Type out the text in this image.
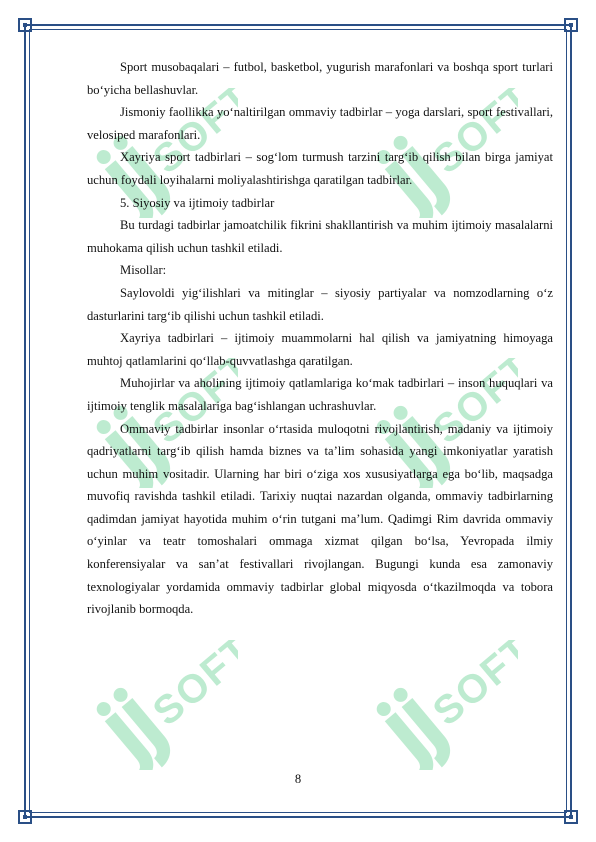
SOFT	SOFT
SOFT	SOFT
SOFT	SOFT

Sport musobaqalari – futbol, basketbol, yugurish marafonlari va boshqa sport turlari bo‘yicha bellashuvlar.

Jismoniy faollikka yo‘naltirilgan ommaviy tadbirlar – yoga darslari, sport festivallari, velosiped marafonlari.

Xayriya sport tadbirlari – sog‘lom turmush tarzini targ‘ib qilish bilan birga jamiyat uchun foydali loyihalarni moliyalashtirishga qaratilgan tadbirlar.

5. Siyosiy va ijtimoiy tadbirlar

Bu turdagi tadbirlar jamoatchilik fikrini shakllantirish va muhim ijtimoiy masalalarni muhokama qilish uchun tashkil etiladi.

Misollar:

Saylovoldi yig‘ilishlari va mitinglar – siyosiy partiyalar va nomzodlarning o‘z dasturlarini targ‘ib qilishi uchun tashkil etiladi.

Xayriya tadbirlari – ijtimoiy muammolarni hal qilish va jamiyatning himoyaga muhtoj qatlamlarini qo‘llab-quvvatlashga qaratilgan.

Muhojirlar va aholining ijtimoiy qatlamlariga ko‘mak tadbirlari – inson huquqlari va ijtimoiy tenglik masalalariga bag‘ishlangan uchrashuvlar.

Ommaviy tadbirlar insonlar o‘rtasida muloqotni rivojlantirish, madaniy va ijtimoiy qadriyatlarni targ‘ib qilish hamda biznes va ta’lim sohasida yangi imkoniyatlar yaratish uchun muhim vositadir. Ularning har biri o‘ziga xos xususiyatlarga ega bo‘lib, maqsadga muvofiq ravishda tashkil etiladi. Tarixiy nuqtai nazardan olganda, ommaviy tadbirlarning qadimdan jamiyat hayotida muhim o‘rin tutgani ma’lum. Qadimgi Rim davrida ommaviy o‘yinlar va teatr tomoshalari ommaga xizmat qilgan bo‘lsa, Yevropada ilmiy konferensiyalar va san’at festivallari rivojlangan. Bugungi kunda esa zamonaviy texnologiyalar yordamida ommaviy tadbirlar global miqyosda o‘tkazilmoqda va tobora rivojlanib bormoqda.

8
